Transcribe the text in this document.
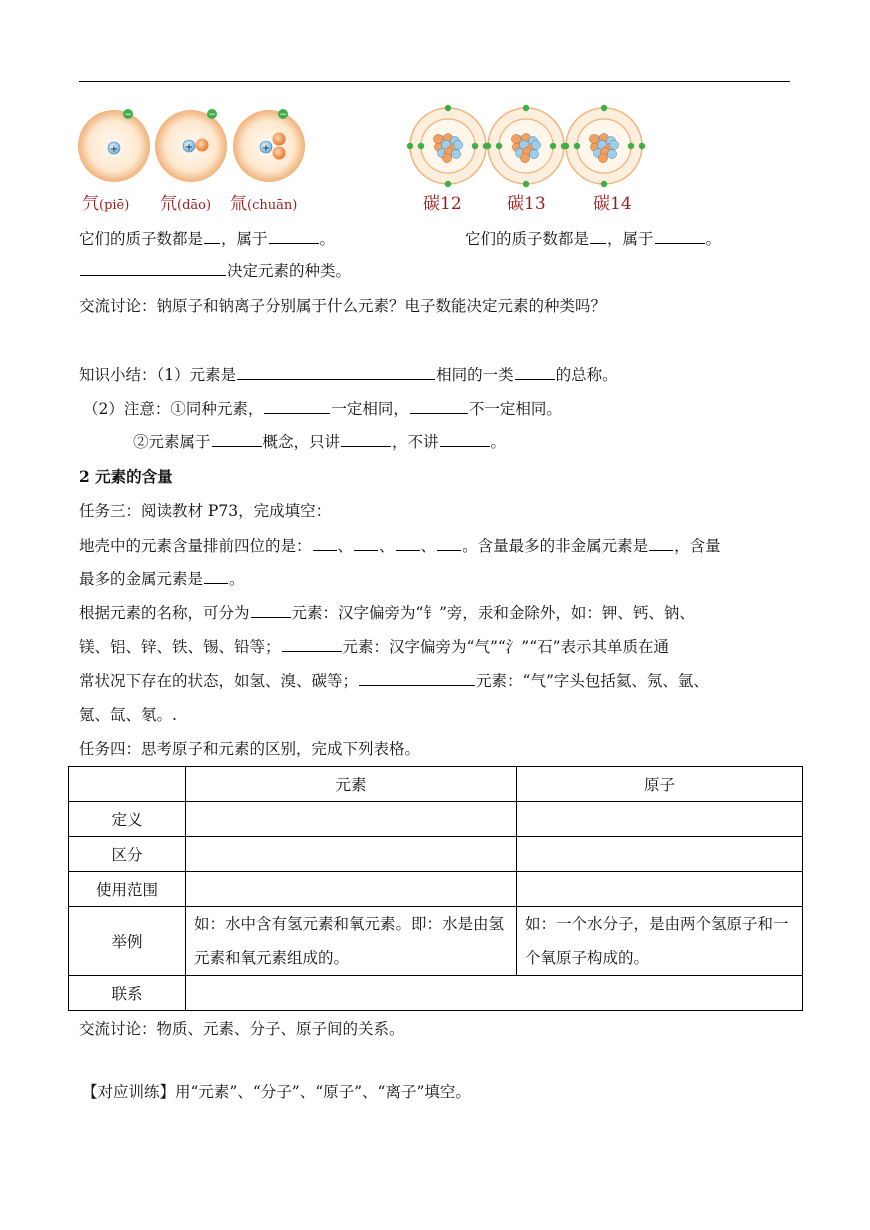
+
−
+
−
+
−
氕(piē) 氘(dāo) 氚(chuān)	碳12	碳13	碳14
它们的质子数都是 ，属于	。	它们的质子数都是 ，属于	。
决定元素的种类。
交流讨论：钠原子和钠离子分别属于什么元素？电子数能决定元素的种类吗？
知识小结：（1）元素是	相同的一类	的总称。
（2）注意：①同种元素，	一定相同，	不一定相同。
②元素属于	概念，只讲	，不讲	。
2 元素的含量
任务三：阅读教材 P73，完成填空：
地壳中的元素含量排前四位的是： 、 、 、 。含量最多的非金属元素是 ，含量
最多的金属元素是 。
根据元素的名称，可分为	元素：汉字偏旁为“钅”旁，汞和金除外，如：钾、钙、钠、
镁、铝、锌、铁、锡、铅等；	元素：汉字偏旁为“气”“氵”“石”表示其单质在通
常状况下存在的状态，如氢、溴、碳等；	元素：“气”字头包括氦、氖、氩、
氪、氙、氡。.
任务四：思考原子和元素的区别，完成下列表格。
	元素	原子
定义		
区分		
使用范围		
举例	如：水中含有氢元素和氧元素。即：水是由氢元素和氧元素组成的。	如：一个水分子，是由两个氢原子和一个氧原子构成的。
联系		
交流讨论：物质、元素、分子、原子间的关系。
【对应训练】用“元素”、“分子”、“原子”、“离子”填空。
